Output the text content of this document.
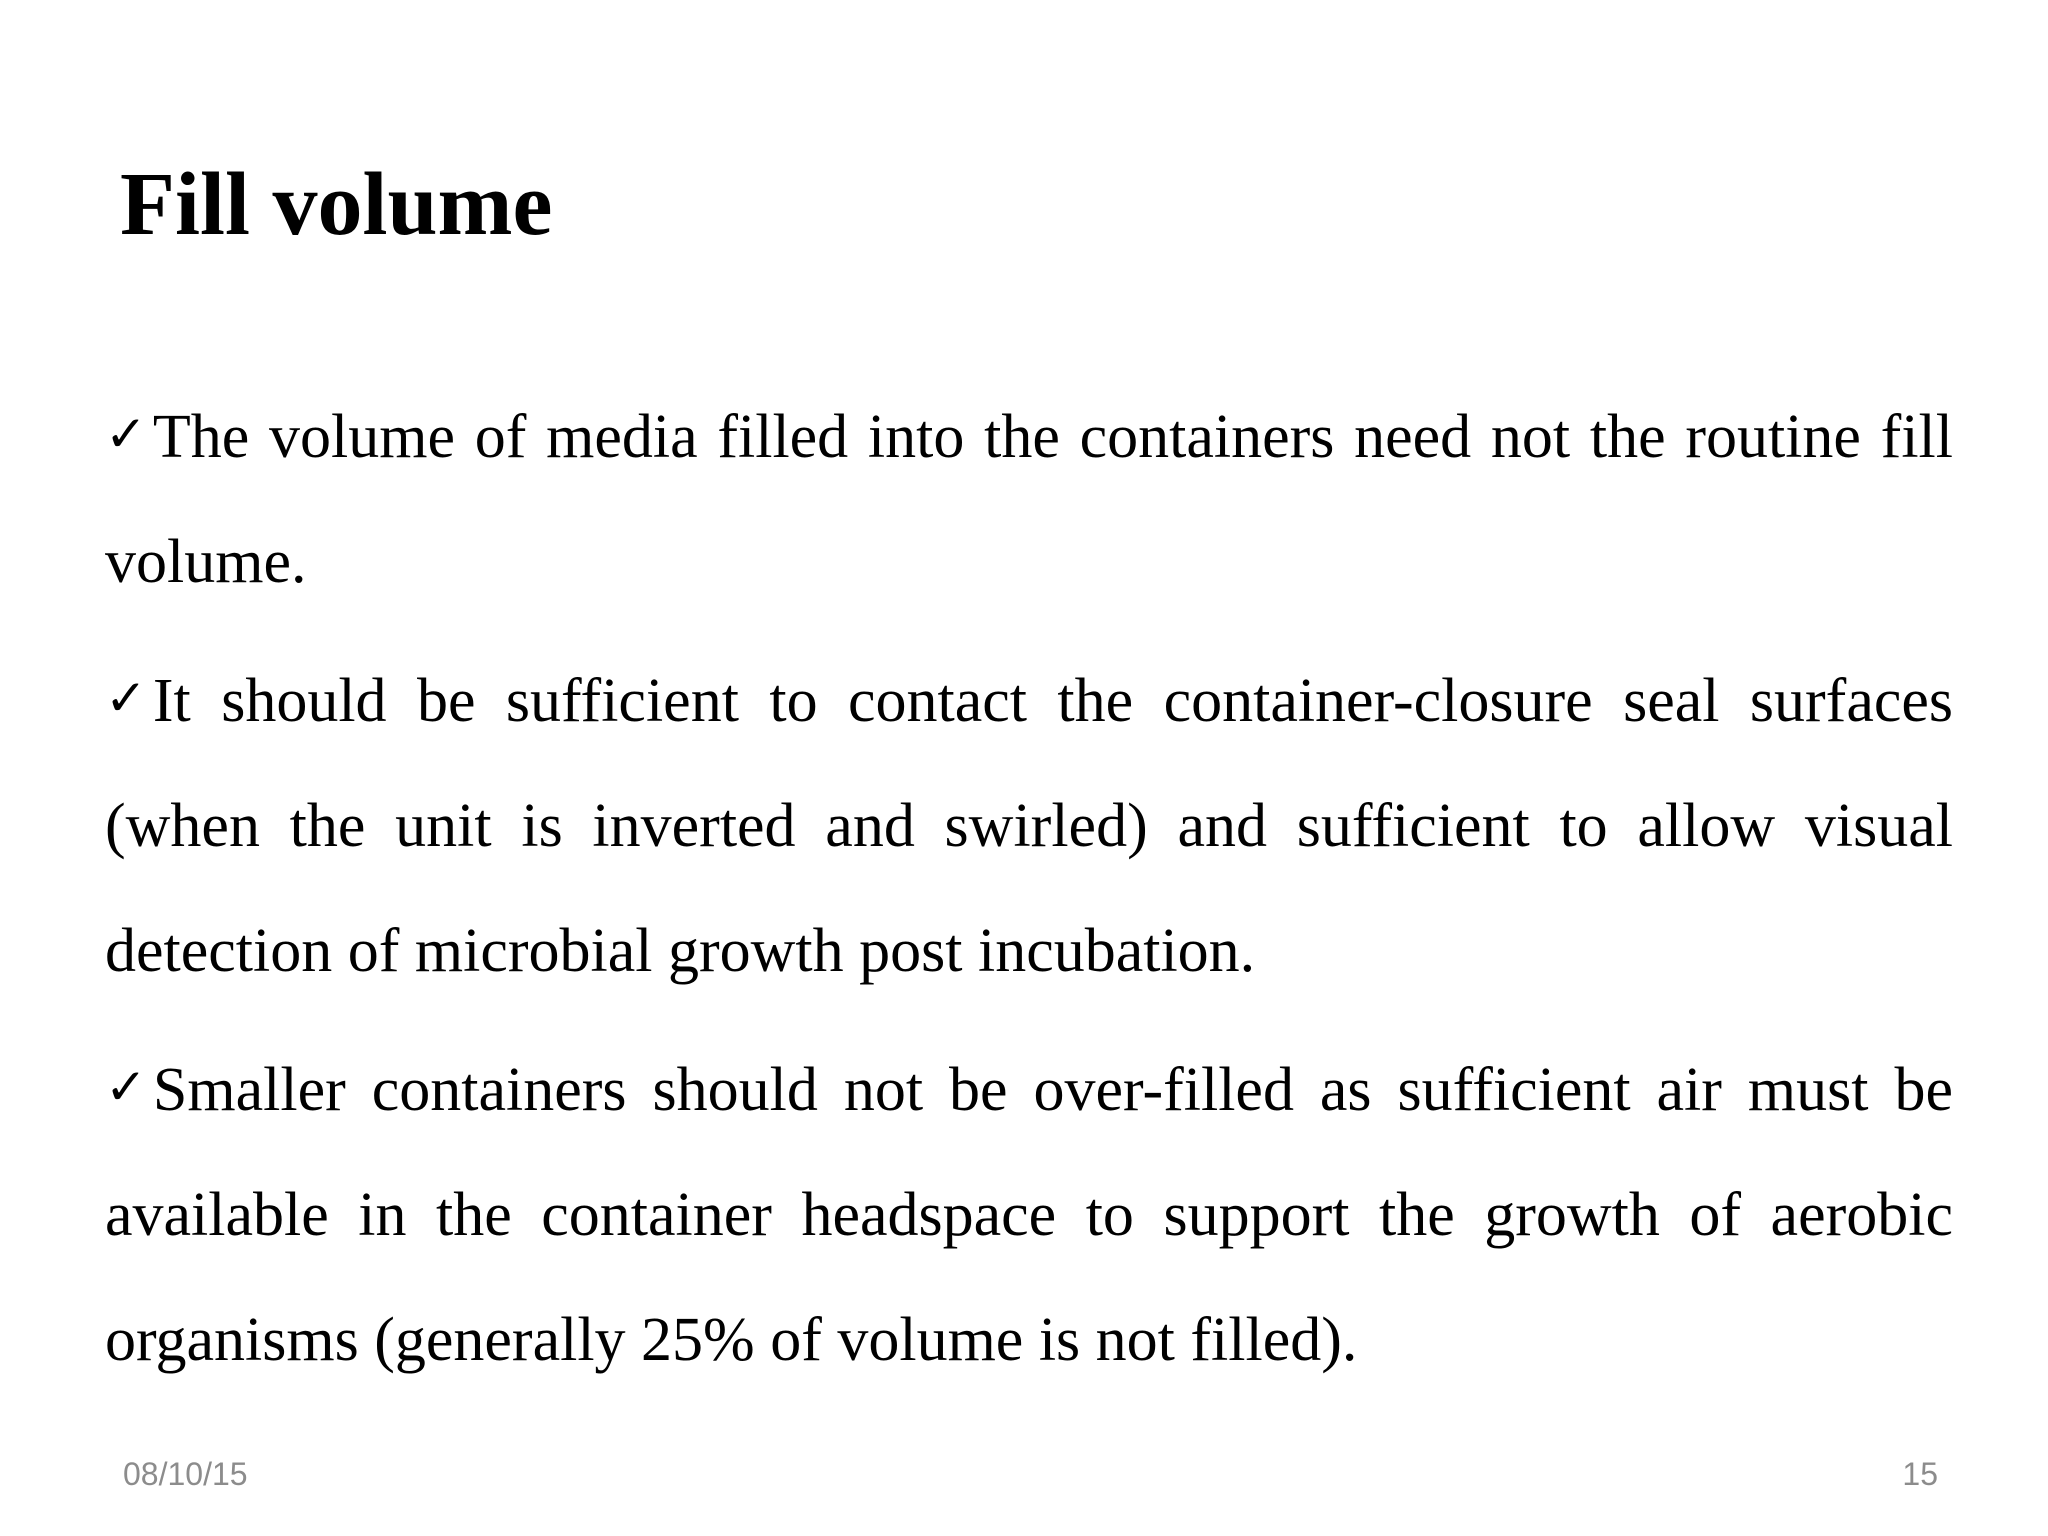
Fill volume

✓The volume of media filled into the containers need not the routine fill volume.

✓It should be sufficient to contact the container-closure seal surfaces (when the unit is inverted and swirled) and sufficient to allow visual detection of microbial growth post incubation.

✓Smaller containers should not be over-filled as sufficient air must be available in the container headspace to support the growth of aerobic organisms (generally 25% of volume is not filled).

08/10/15	15
